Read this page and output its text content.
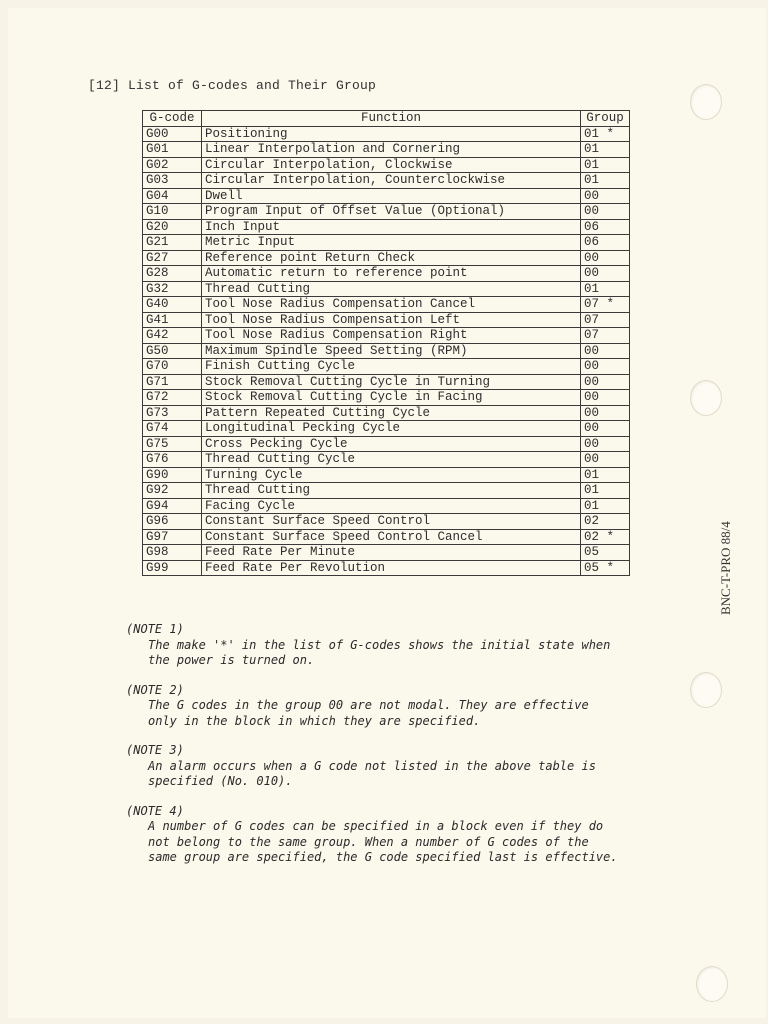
[12] List of G-codes and Their Group
G-code	Function	Group
G00	Positioning	01 *
G01	Linear Interpolation and Cornering	01
G02	Circular Interpolation, Clockwise	01
G03	Circular Interpolation, Counterclockwise	01
G04	Dwell	00
G10	Program Input of Offset Value (Optional)	00
G20	Inch Input	06
G21	Metric Input	06
G27	Reference point Return Check	00
G28	Automatic return to reference point	00
G32	Thread Cutting	01
G40	Tool Nose Radius Compensation Cancel	07 *
G41	Tool Nose Radius Compensation Left	07
G42	Tool Nose Radius Compensation Right	07
G50	Maximum Spindle Speed Setting (RPM)	00
G70	Finish Cutting Cycle	00
G71	Stock Removal Cutting Cycle in Turning	00
G72	Stock Removal Cutting Cycle in Facing	00
G73	Pattern Repeated Cutting Cycle	00
G74	Longitudinal Pecking Cycle	00
G75	Cross Pecking Cycle	00
G76	Thread Cutting Cycle	00
G90	Turning Cycle	01
G92	Thread Cutting	01
G94	Facing Cycle	01
G96	Constant Surface Speed Control	02
G97	Constant Surface Speed Control Cancel	02 *
G98	Feed Rate Per Minute	05
G99	Feed Rate Per Revolution	05 *
(NOTE 1)
The make '*' in the list of G-codes shows the initial state when
the power is turned on.
(NOTE 2)
The G codes in the group 00 are not modal. They are effective
only in the block in which they are specified.
(NOTE 3)
An alarm occurs when a G code not listed in the above table is
specified (No. 010).
(NOTE 4)
A number of G codes can be specified in a block even if they do
not belong to the same group. When a number of G codes of the
same group are specified, the G code specified last is effective.
BNC-T-PRO 88/4
